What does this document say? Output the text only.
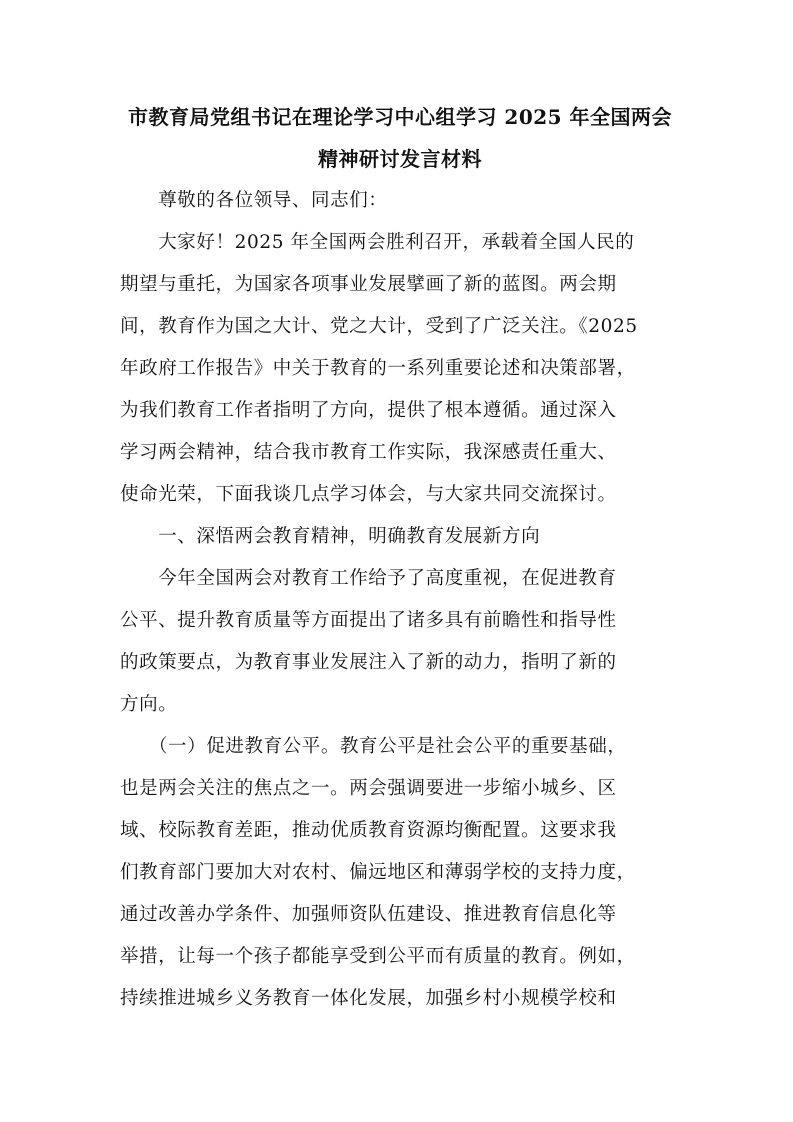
市教育局党组书记在理论学习中心组学习 2025 年全国两会
精神研讨发言材料
　　尊敬的各位领导、同志们：
　　大家好！2025 年全国两会胜利召开，承载着全国人民的
期望与重托，为国家各项事业发展擘画了新的蓝图。两会期
间，教育作为国之大计、党之大计，受到了广泛关注。《2025
年政府工作报告》中关于教育的一系列重要论述和决策部署，
为我们教育工作者指明了方向，提供了根本遵循。通过深入
学习两会精神，结合我市教育工作实际，我深感责任重大、
使命光荣，下面我谈几点学习体会，与大家共同交流探讨。
　　一、深悟两会教育精神，明确教育发展新方向
　　今年全国两会对教育工作给予了高度重视，在促进教育
公平、提升教育质量等方面提出了诸多具有前瞻性和指导性
的政策要点，为教育事业发展注入了新的动力，指明了新的
方向。
　　（一）促进教育公平。教育公平是社会公平的重要基础，
也是两会关注的焦点之一。两会强调要进一步缩小城乡、区
域、校际教育差距，推动优质教育资源均衡配置。这要求我
们教育部门要加大对农村、偏远地区和薄弱学校的支持力度，
通过改善办学条件、加强师资队伍建设、推进教育信息化等
举措，让每一个孩子都能享受到公平而有质量的教育。例如，
持续推进城乡义务教育一体化发展，加强乡村小规模学校和
